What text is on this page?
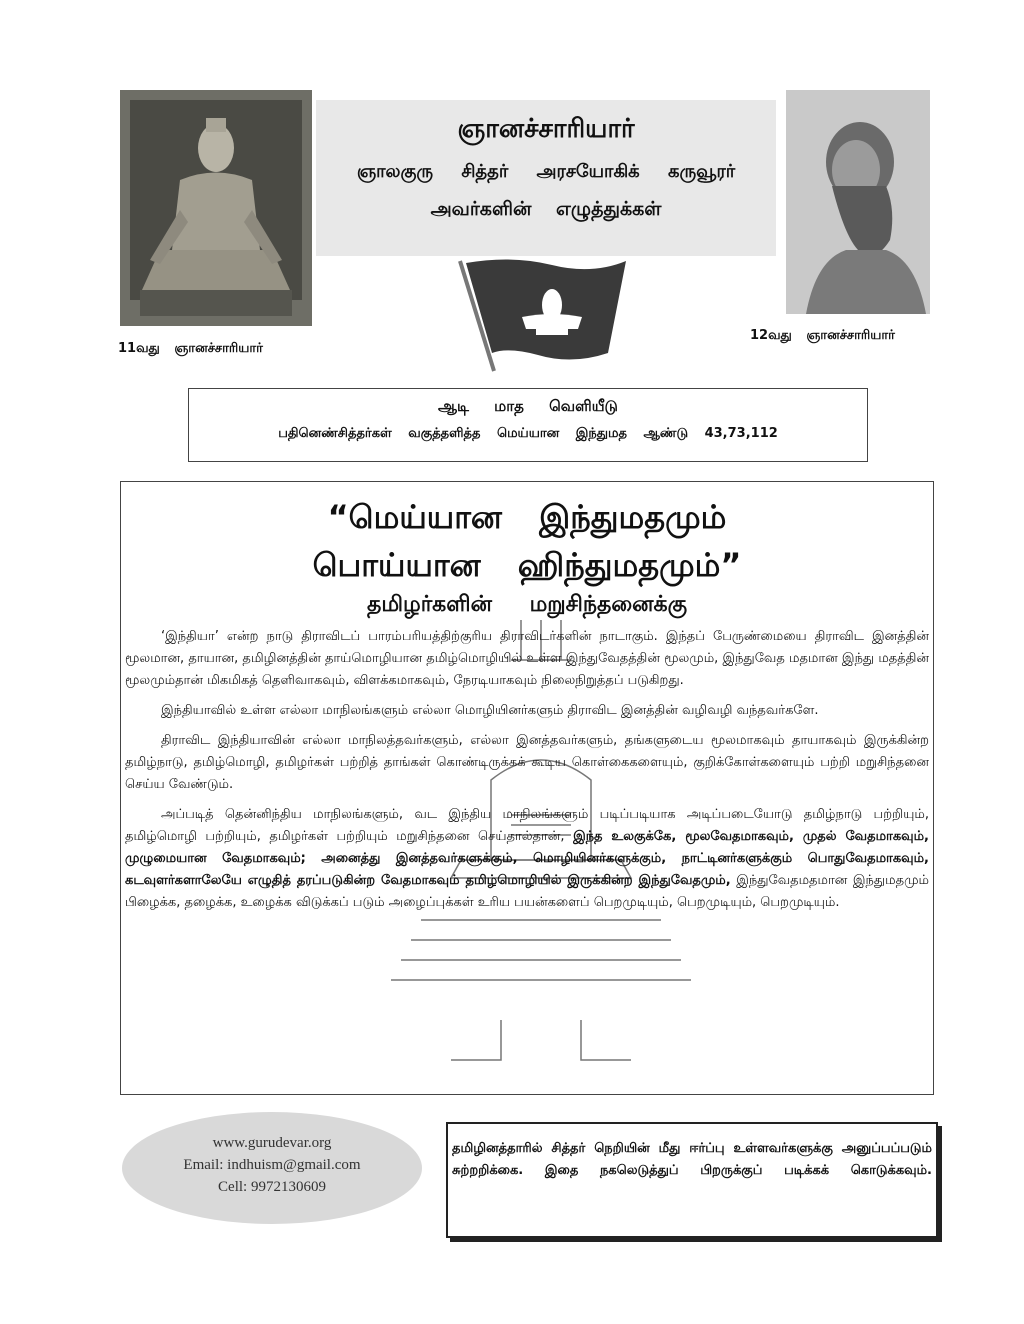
11வது ஞானச்சாரியார்
ஞானச்சாரியார்
ஞாலகுரு சித்தர் அரசயோகிக் கருவூரர்
அவர்களின் எழுத்துக்கள்
12வது ஞானச்சாரியார்
ஆடி மாத வெளியீடு
பதினெண்சித்தர்கள் வகுத்தளித்த மெய்யான இந்துமத ஆண்டு 43,73,112
“மெய்யான இந்துமதமும்
பொய்யான ஹிந்துமதமும்”
தமிழர்களின் மறுசிந்தனைக்கு

‘இந்தியா’ என்ற நாடு திராவிடப் பாரம்பரியத்திற்குரிய திராவிடர்களின் நாடாகும். இந்தப் பேருண்மையை திராவிட இனத்தின் மூலமான, தாயான, தமிழினத்தின் தாய்மொழியான தமிழ்மொழியில் உள்ள இந்துவேதத்தின் மூலமும், இந்துவேத மதமான இந்து மதத்தின் மூலமும்தான் மிகமிகத் தெளிவாகவும், விளக்கமாகவும், நேரடியாகவும் நிலைநிறுத்தப் படுகிறது.

இந்தியாவில் உள்ள எல்லா மாநிலங்களும் எல்லா மொழியினர்களும் திராவிட இனத்தின் வழிவழி வந்தவர்களே.

திராவிட இந்தியாவின் எல்லா மாநிலத்தவர்களும், எல்லா இனத்தவர்களும், தங்களுடைய மூலமாகவும் தாயாகவும் இருக்கின்ற தமிழ்நாடு, தமிழ்மொழி, தமிழர்கள் பற்றித் தாங்கள் கொண்டிருக்கக் கூடிய கொள்கைகளையும், குறிக்கோள்களையும் பற்றி மறுசிந்தனை செய்ய வேண்டும்.

அப்படித் தென்னிந்திய மாநிலங்களும், வட இந்திய மாநிலங்களும் படிப்படியாக அடிப்படையோடு தமிழ்நாடு பற்றியும், தமிழ்மொழி பற்றியும், தமிழர்கள் பற்றியும் மறுசிந்தனை செய்தால்தான், இந்த உலகுக்கே, மூலவேதமாகவும், முதல் வேதமாகவும், முழுமையான வேதமாகவும்; அனைத்து இனத்தவர்களுக்கும், மொழியினர்களுக்கும், நாட்டினர்களுக்கும் பொதுவேதமாகவும், கடவுளர்களாலேயே எழுதித் தரப்படுகின்ற வேதமாகவும் தமிழ்மொழியில் இருக்கின்ற இந்துவேதமும், இந்துவேதமதமான இந்துமதமும் பிழைக்க, தழைக்க, உழைக்க விடுக்கப் படும் அழைப்புக்கள் உரிய பயன்களைப் பெறமுடியும், பெறமுடியும், பெறமுடியும்.

www.gurudevar.org
Email: indhuism@gmail.com
Cell: 9972130609
தமிழினத்தாரில் சித்தர் நெறியின் மீது ஈர்ப்பு உள்ளவர்களுக்கு அனுப்பப்படும் சுற்றறிக்கை. இதை நகலெடுத்துப் பிறருக்குப் படிக்கக் கொடுக்கவும்.
